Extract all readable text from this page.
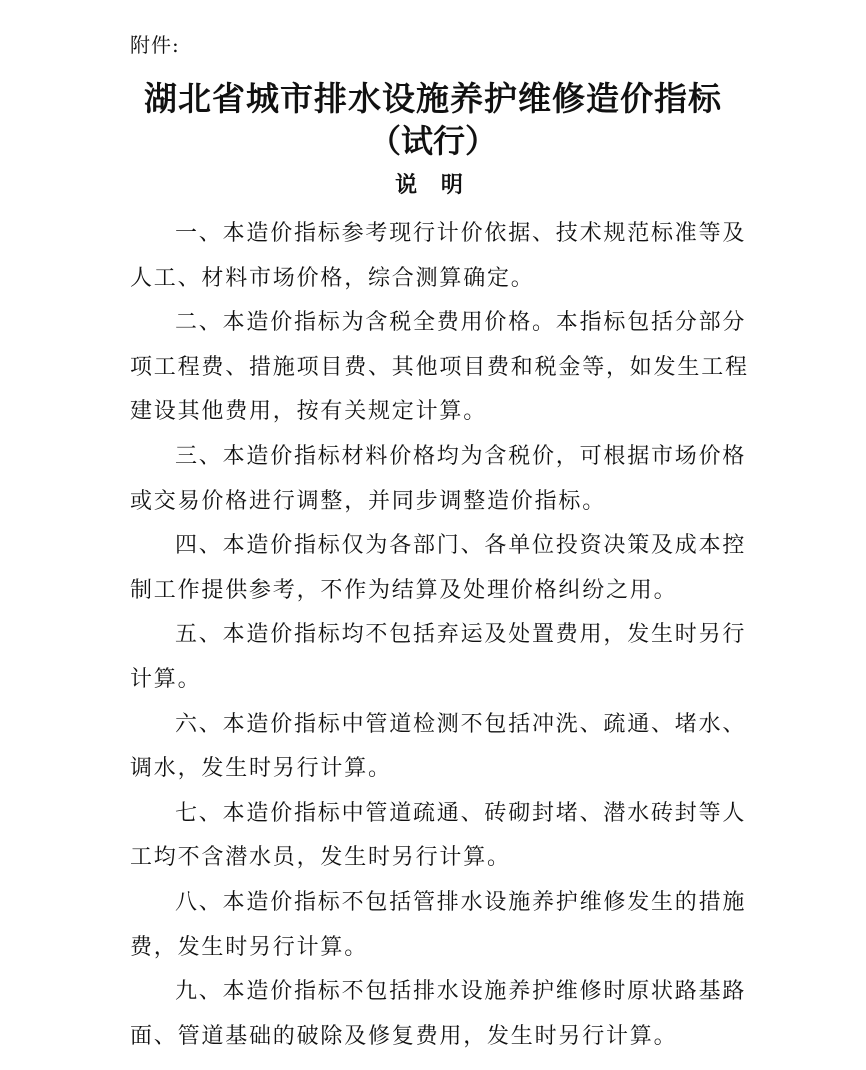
附件:
湖北省城市排水设施养护维修造价指标
（试行）
说 明

一、本造价指标参考现行计价依据、技术规范标准等及
人工、材料市场价格，综合测算确定。

二、本造价指标为含税全费用价格。本指标包括分部分
项工程费、措施项目费、其他项目费和税金等，如发生工程
建设其他费用，按有关规定计算。

三、本造价指标材料价格均为含税价，可根据市场价格
或交易价格进行调整，并同步调整造价指标。

四、本造价指标仅为各部门、各单位投资决策及成本控
制工作提供参考，不作为结算及处理价格纠纷之用。

五、本造价指标均不包括弃运及处置费用，发生时另行
计算。

六、本造价指标中管道检测不包括冲洗、疏通、堵水、
调水，发生时另行计算。

七、本造价指标中管道疏通、砖砌封堵、潜水砖封等人
工均不含潜水员，发生时另行计算。

八、本造价指标不包括管排水设施养护维修发生的措施
费，发生时另行计算。

九、本造价指标不包括排水设施养护维修时原状路基路
面、管道基础的破除及修复费用，发生时另行计算。
